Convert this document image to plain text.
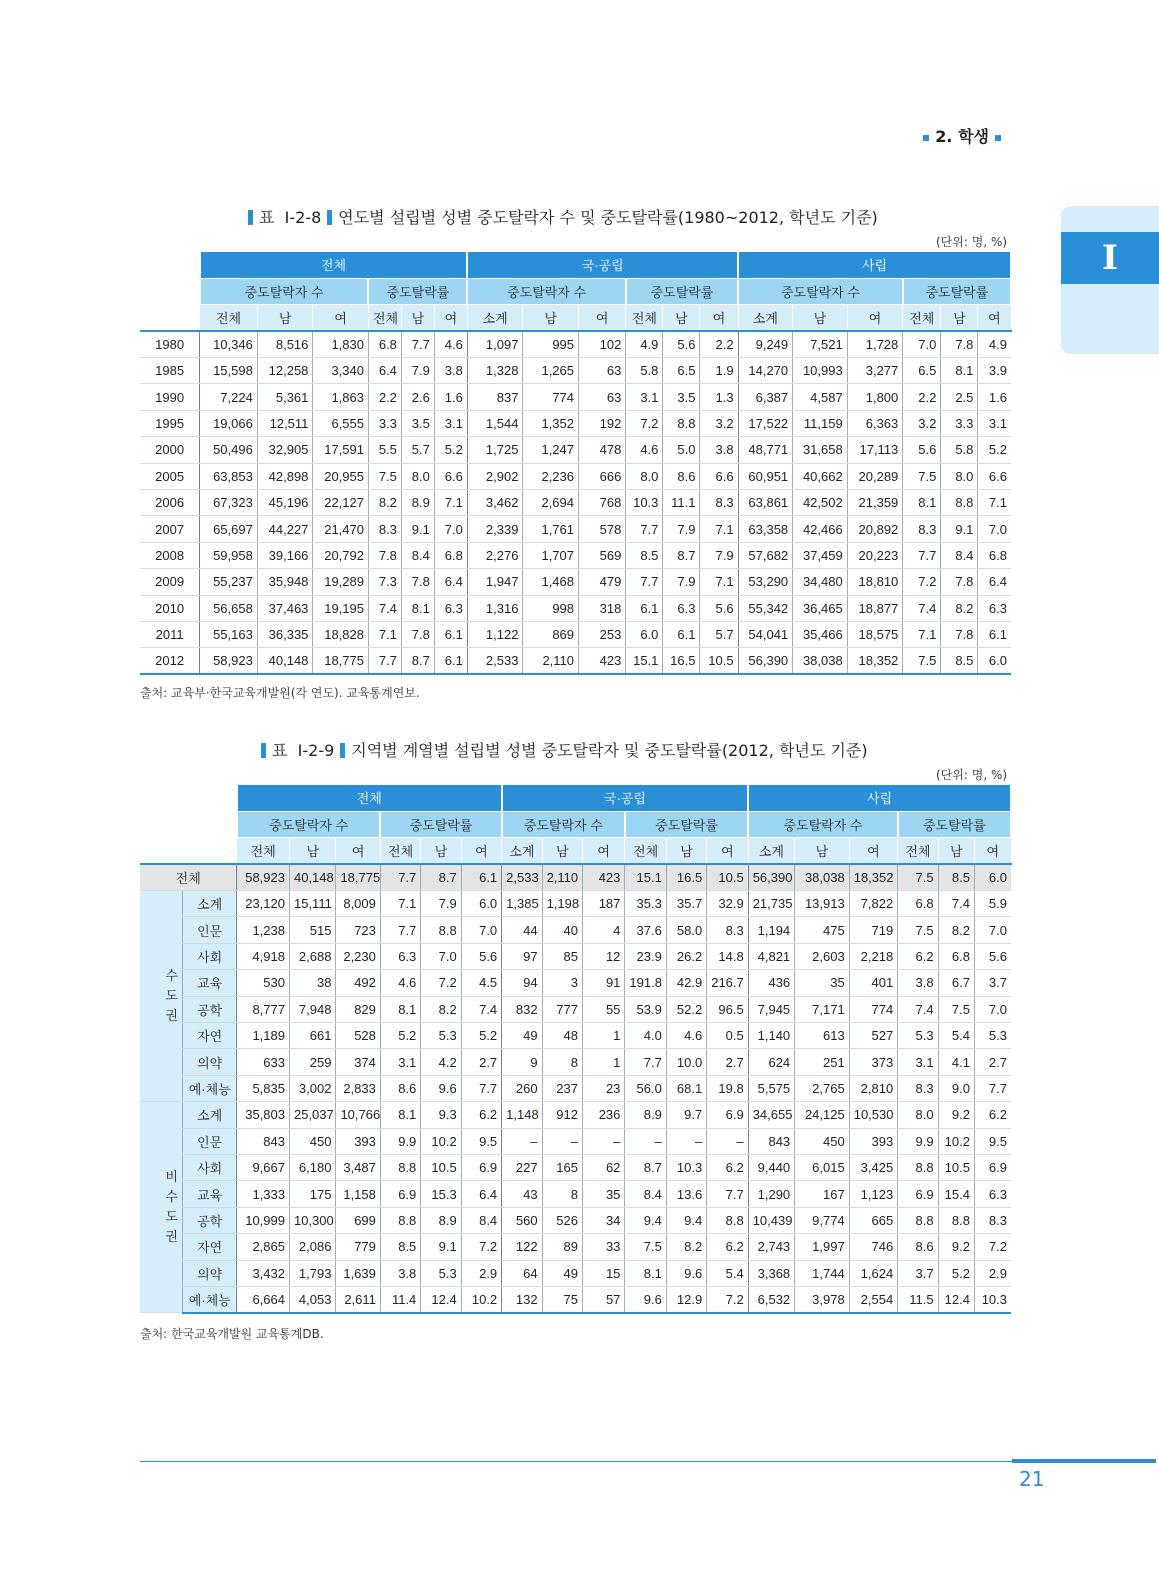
2. 학생
I
표 Ⅰ-2-8 연도별 설립별 성별 중도탈락자 수 및 중도탈락률(1980~2012, 학년도 기준)
(단위: 명, %)
	전체						국·공립						사립					
	중도탈락자 수			중도탈락률			중도탈락자 수			중도탈락률			중도탈락자 수			중도탈락률		
	전체	남	여	전체	남	여	소계	남	여	전체	남	여	소계	남	여	전체	남	여
1980	10,346	8,516	1,830	6.8	7.7	4.6	1,097	995	102	4.9	5.6	2.2	9,249	7,521	1,728	7.0	7.8	4.9
1985	15,598	12,258	3,340	6.4	7.9	3.8	1,328	1,265	63	5.8	6.5	1.9	14,270	10,993	3,277	6.5	8.1	3.9
1990	7,224	5,361	1,863	2.2	2.6	1.6	837	774	63	3.1	3.5	1.3	6,387	4,587	1,800	2.2	2.5	1.6
1995	19,066	12,511	6,555	3.3	3.5	3.1	1,544	1,352	192	7.2	8.8	3.2	17,522	11,159	6,363	3.2	3.3	3.1
2000	50,496	32,905	17,591	5.5	5.7	5.2	1,725	1,247	478	4.6	5.0	3.8	48,771	31,658	17,113	5.6	5.8	5.2
2005	63,853	42,898	20,955	7.5	8.0	6.6	2,902	2,236	666	8.0	8.6	6.6	60,951	40,662	20,289	7.5	8.0	6.6
2006	67,323	45,196	22,127	8.2	8.9	7.1	3,462	2,694	768	10.3	11.1	8.3	63,861	42,502	21,359	8.1	8.8	7.1
2007	65,697	44,227	21,470	8.3	9.1	7.0	2,339	1,761	578	7.7	7.9	7.1	63,358	42,466	20,892	8.3	9.1	7.0
2008	59,958	39,166	20,792	7.8	8.4	6.8	2,276	1,707	569	8.5	8.7	7.9	57,682	37,459	20,223	7.7	8.4	6.8
2009	55,237	35,948	19,289	7.3	7.8	6.4	1,947	1,468	479	7.7	7.9	7.1	53,290	34,480	18,810	7.2	7.8	6.4
2010	56,658	37,463	19,195	7.4	8.1	6.3	1,316	998	318	6.1	6.3	5.6	55,342	36,465	18,877	7.4	8.2	6.3
2011	55,163	36,335	18,828	7.1	7.8	6.1	1,122	869	253	6.0	6.1	5.7	54,041	35,466	18,575	7.1	7.8	6.1
2012	58,923	40,148	18,775	7.7	8.7	6.1	2,533	2,110	423	15.1	16.5	10.5	56,390	38,038	18,352	7.5	8.5	6.0
출처: 교육부·한국교육개발원(각 연도). 교육통계연보.
표 Ⅰ-2-9 지역별 계열별 설립별 성별 중도탈락자 및 중도탈락률(2012, 학년도 기준)
(단위: 명, %)
		전체						국·공립						사립					
		중도탈락자 수			중도탈락률			중도탈락자 수			중도탈락률			중도탈락자 수			중도탈락률		
		전체	남	여	전체	남	여	소계	남	여	전체	남	여	소계	남	여	전체	남	여
전체		58,923	40,148	18,775	7.7	8.7	6.1	2,533	2,110	423	15.1	16.5	10.5	56,390	38,038	18,352	7.5	8.5	6.0

수
도
권	소계	23,120	15,111	8,009	7.1	7.9	6.0	1,385	1,198	187	35.3	35.7	32.9	21,735	13,913	7,822	6.8	7.4	5.9
	인문	1,238	515	723	7.7	8.8	7.0	44	40	4	37.6	58.0	8.3	1,194	475	719	7.5	8.2	7.0
	사회	4,918	2,688	2,230	6.3	7.0	5.6	97	85	12	23.9	26.2	14.8	4,821	2,603	2,218	6.2	6.8	5.6
	교육	530	38	492	4.6	7.2	4.5	94	3	91	191.8	42.9	216.7	436	35	401	3.8	6.7	3.7
	공학	8,777	7,948	829	8.1	8.2	7.4	832	777	55	53.9	52.2	96.5	7,945	7,171	774	7.4	7.5	7.0
	자연	1,189	661	528	5.2	5.3	5.2	49	48	1	4.0	4.6	0.5	1,140	613	527	5.3	5.4	5.3
	의약	633	259	374	3.1	4.2	2.7	9	8	1	7.7	10.0	2.7	624	251	373	3.1	4.1	2.7
	예·체능	5,835	3,002	2,833	8.6	9.6	7.7	260	237	23	56.0	68.1	19.8	5,575	2,765	2,810	8.3	9.0	7.7

비
수
도
권	소계	35,803	25,037	10,766	8.1	9.3	6.2	1,148	912	236	8.9	9.7	6.9	34,655	24,125	10,530	8.0	9.2	6.2
	인문	843	450	393	9.9	10.2	9.5	–	–	–	–	–	–	843	450	393	9.9	10.2	9.5
	사회	9,667	6,180	3,487	8.8	10.5	6.9	227	165	62	8.7	10.3	6.2	9,440	6,015	3,425	8.8	10.5	6.9
	교육	1,333	175	1,158	6.9	15.3	6.4	43	8	35	8.4	13.6	7.7	1,290	167	1,123	6.9	15.4	6.3
	공학	10,999	10,300	699	8.8	8.9	8.4	560	526	34	9.4	9.4	8.8	10,439	9,774	665	8.8	8.8	8.3
	자연	2,865	2,086	779	8.5	9.1	7.2	122	89	33	7.5	8.2	6.2	2,743	1,997	746	8.6	9.2	7.2
	의약	3,432	1,793	1,639	3.8	5.3	2.9	64	49	15	8.1	9.6	5.4	3,368	1,744	1,624	3.7	5.2	2.9
	예·체능	6,664	4,053	2,611	11.4	12.4	10.2	132	75	57	9.6	12.9	7.2	6,532	3,978	2,554	11.5	12.4	10.3
출처: 한국교육개발원 교육통계DB.
21
